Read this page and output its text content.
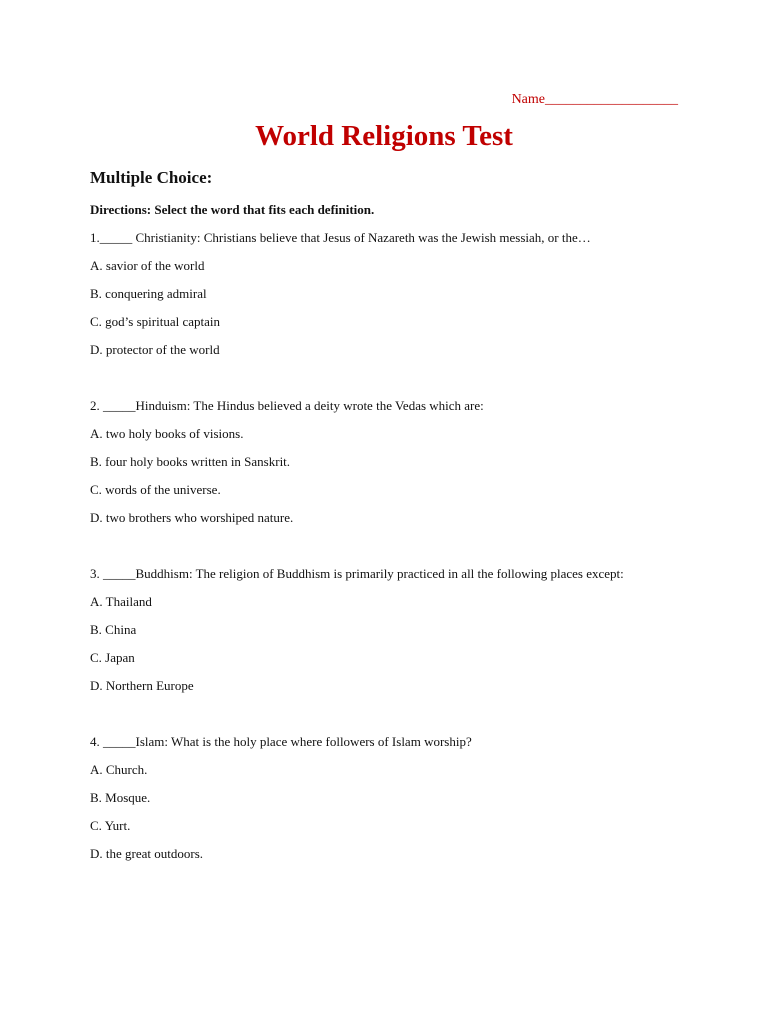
Name___________________
World Religions Test
Multiple Choice:
Directions: Select the word that fits each definition.
1._____ Christianity: Christians believe that Jesus of Nazareth was the Jewish messiah, or the…
A. savior of the world
B. conquering admiral
C. god’s spiritual captain
D. protector of the world
2. _____Hinduism: The Hindus believed a deity wrote the Vedas which are:
A. two holy books of visions.
B. four holy books written in Sanskrit.
C. words of the universe.
D. two brothers who worshiped nature.
3. _____Buddhism: The religion of Buddhism is primarily practiced in all the following places except:
A. Thailand
B. China
C. Japan
D. Northern Europe
4. _____Islam: What is the holy place where followers of Islam worship?
A. Church.
B. Mosque.
C. Yurt.
D. the great outdoors.
